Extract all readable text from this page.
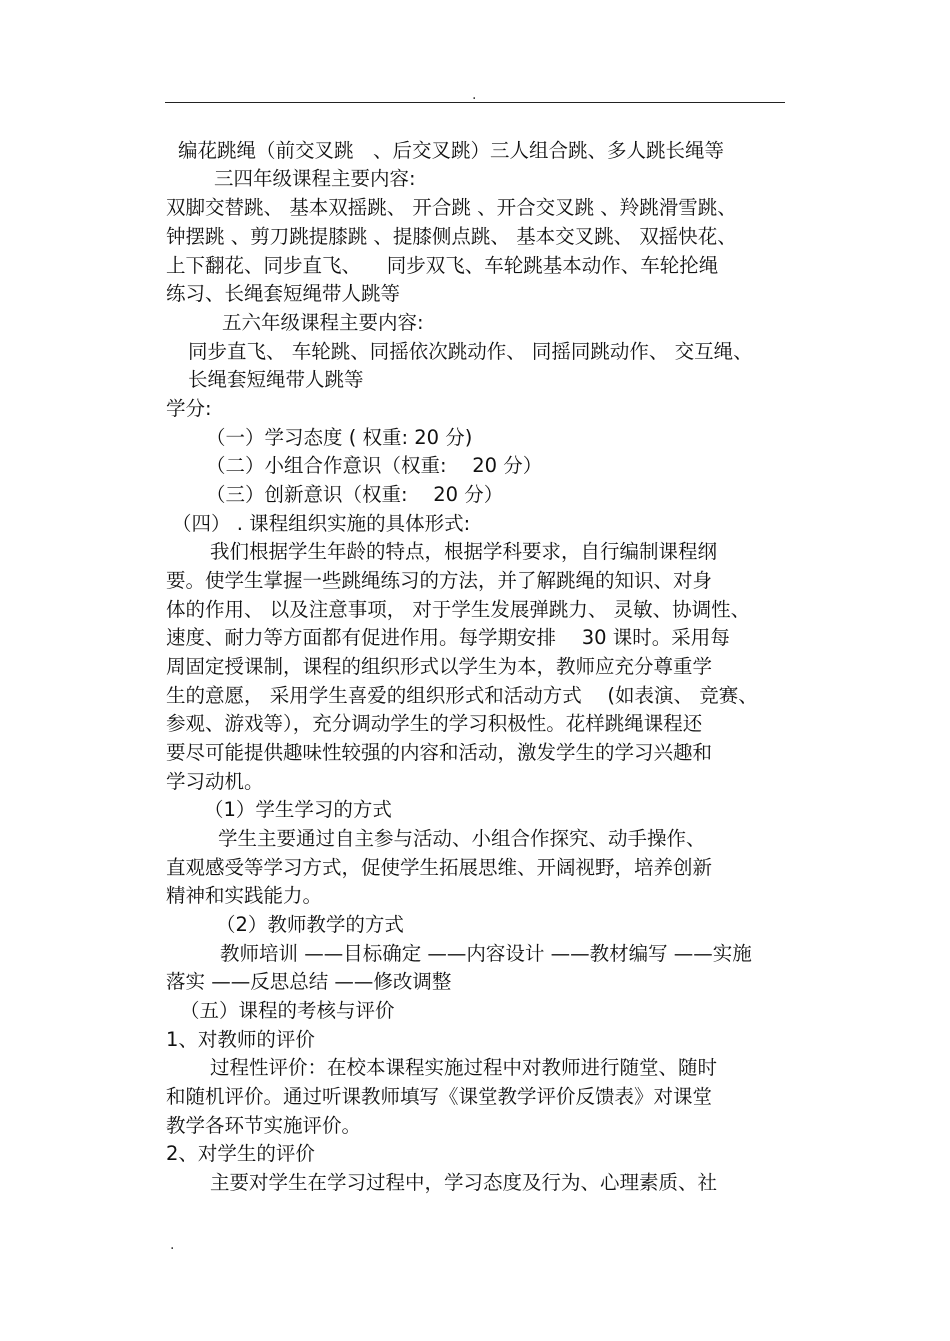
.
编花跳绳（前交叉跳　、后交叉跳）三人组合跳、多人跳长绳等
三四年级课程主要内容:
双脚交替跳、 基本双摇跳、 开合跳 、开合交叉跳 、羚跳滑雪跳、
钟摆跳 、剪刀跳提膝跳 、提膝侧点跳、 基本交叉跳、 双摇快花、
上下翻花、同步直飞、 　同步双飞、车轮跳基本动作、车轮抡绳
练习、长绳套短绳带人跳等
五六年级课程主要内容:
同步直飞、 车轮跳、同摇依次跳动作、 同摇同跳动作、 交互绳、
长绳套短绳带人跳等
学分:
（一）学习态度 ( 权重: 20 分)
（二）小组合作意识（权重: 　20 分）
（三）创新意识（权重: 　20 分）
（四） . 课程组织实施的具体形式:
我们根据学生年龄的特点，根据学科要求，自行编制课程纲
要。使学生掌握一些跳绳练习的方法，并了解跳绳的知识、对身
体的作用、 以及注意事项， 对于学生发展弹跳力、 灵敏、协调性、
速度、耐力等方面都有促进作用。每学期安排 　30 课时。采用每
周固定授课制，课程的组织形式以学生为本，教师应充分尊重学
生的意愿， 采用学生喜爱的组织形式和活动方式 　(如表演、 竞赛、
参观、游戏等），充分调动学生的学习积极性。花样跳绳课程还
要尽可能提供趣味性较强的内容和活动，激发学生的学习兴趣和
学习动机。
（1）学生学习的方式
学生主要通过自主参与活动、小组合作探究、动手操作、
直观感受等学习方式，促使学生拓展思维、开阔视野，培养创新
精神和实践能力。
（2）教师教学的方式
教师培训 ——目标确定 ——内容设计 ——教材编写 ——实施
落实 ——反思总结 ——修改调整
（五）课程的考核与评价
1、对教师的评价
过程性评价：在校本课程实施过程中对教师进行随堂、随时
和随机评价。通过听课教师填写《课堂教学评价反馈表》对课堂
教学各环节实施评价。
2、对学生的评价
主要对学生在学习过程中，学习态度及行为、心理素质、社
.
